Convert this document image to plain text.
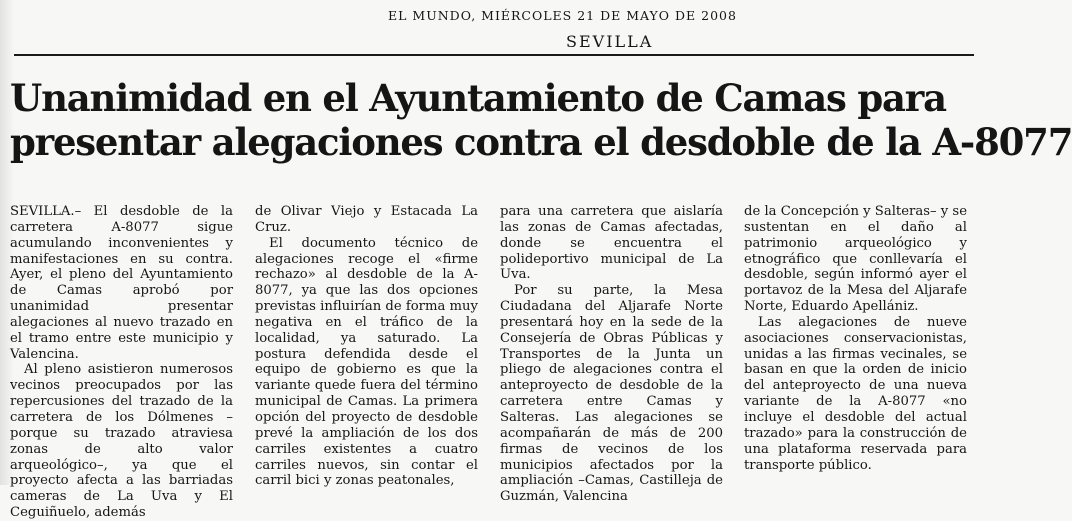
EL MUNDO, MIÉRCOLES 21 DE MAYO DE 2008
SEVILLA
Unanimidad en el Ayuntamiento de Camas para
presentar alegaciones contra el desdoble de la A-8077

SEVILLA.– El desdoble de la carretera A-8077 sigue acumulando inconvenientes y manifestaciones en su contra. Ayer, el pleno del Ayuntamiento de Camas aprobó por unanimidad presentar alegaciones al nuevo trazado en el tramo entre este municipio y Valencina.

Al pleno asistieron numerosos vecinos preocupados por las repercusiones del trazado de la carretera de los Dólmenes –porque su trazado atraviesa zonas de alto valor arqueológico–, ya que el proyecto afecta a las barriadas cameras de La Uva y El Ceguiñuelo, además

de Olivar Viejo y Estacada La Cruz.

El documento técnico de alegaciones recoge el «firme rechazo» al desdoble de la A-8077, ya que las dos opciones previstas influirían de forma muy negativa en el tráfico de la localidad, ya saturado. La postura defendida desde el equipo de gobierno es que la variante quede fuera del término municipal de Camas. La primera opción del proyecto de desdoble prevé la ampliación de los dos carriles existentes a cuatro carriles nuevos, sin contar el carril bici y zonas peatonales,

para una carretera que aislaría las zonas de Camas afectadas, donde se encuentra el polideportivo municipal de La Uva.

Por su parte, la Mesa Ciudadana del Aljarafe Norte presentará hoy en la sede de la Consejería de Obras Públicas y Transportes de la Junta un pliego de alegaciones contra el anteproyecto de desdoble de la carretera entre Camas y Salteras. Las alegaciones se acompañarán de más de 200 firmas de vecinos de los municipios afectados por la ampliación –Camas, Castilleja de Guzmán, Valencina

de la Concepción y Salteras– y se sustentan en el daño al patrimonio arqueológico y etnográfico que conllevaría el desdoble, según informó ayer el portavoz de la Mesa del Aljarafe Norte, Eduardo Apellániz.

Las alegaciones de nueve asociaciones conservacionistas, unidas a las firmas vecinales, se basan en que la orden de inicio del anteproyecto de una nueva variante de la A-8077 «no incluye el desdoble del actual trazado» para la construcción de una plataforma reservada para transporte público.
